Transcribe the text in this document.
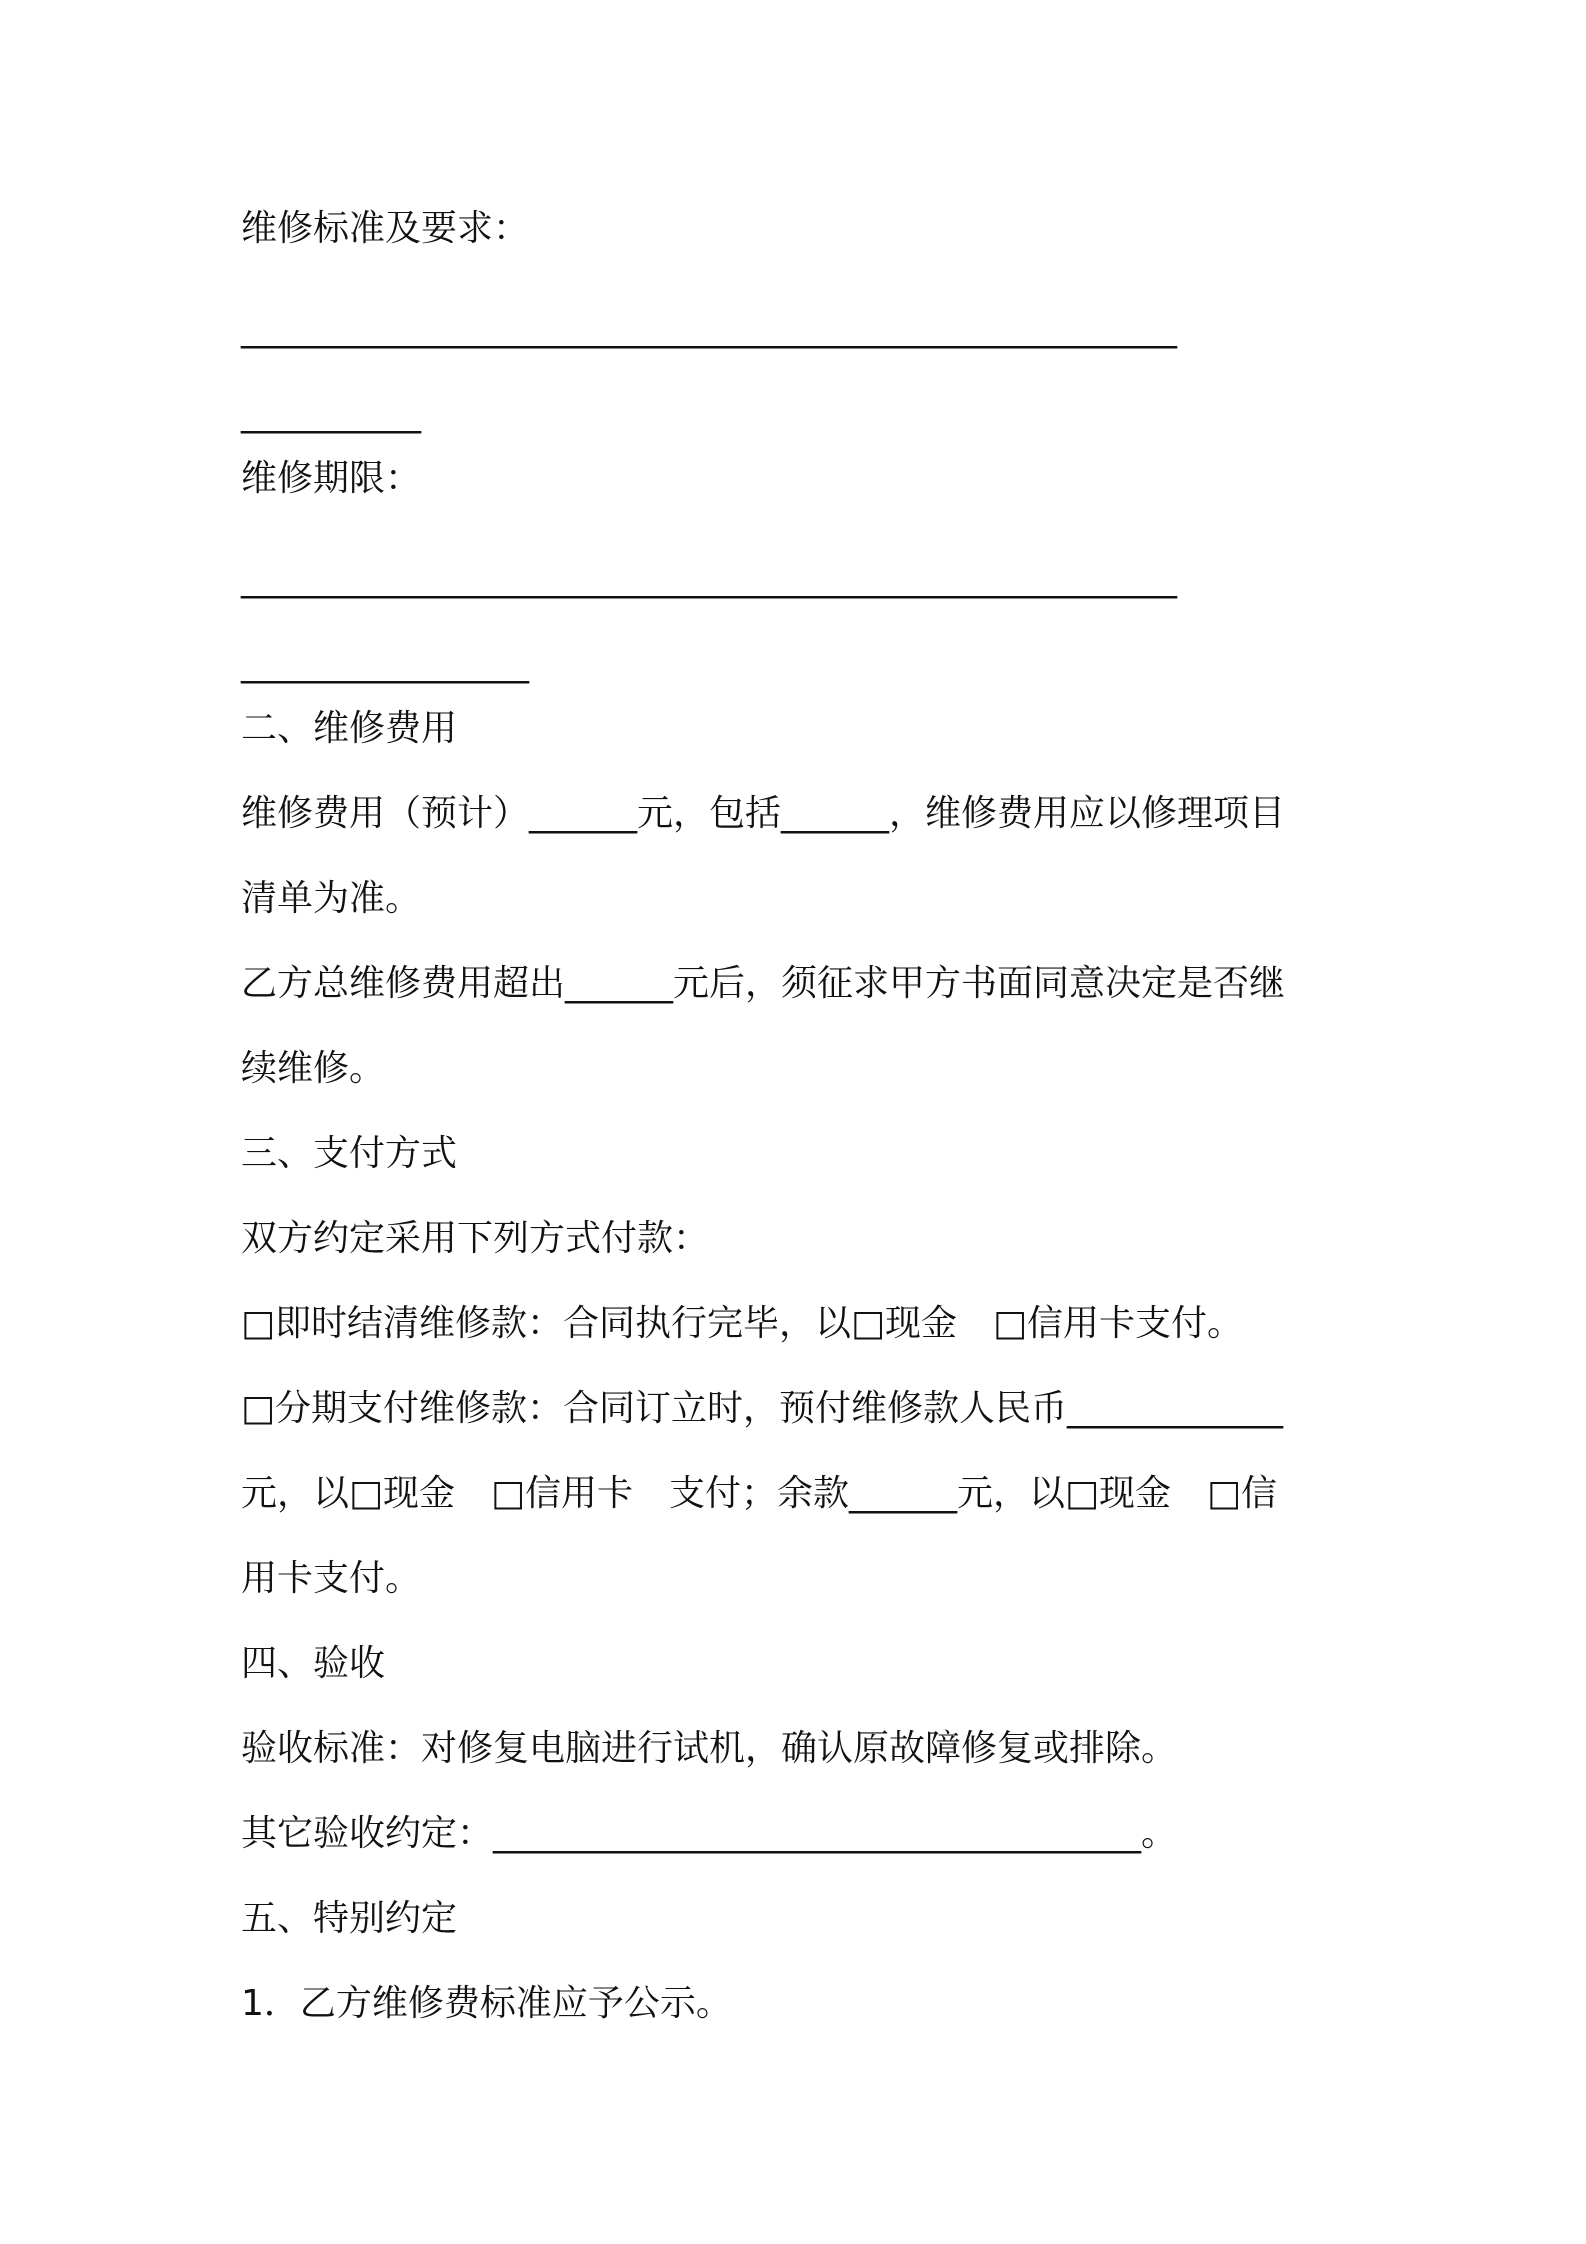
维修标准及要求：

____________________________________________________

__________

维修期限：

____________________________________________________

________________

二、维修费用

维修费用（预计）______元，包括______，维修费用应以修理项目

清单为准。

乙方总维修费用超出______元后，须征求甲方书面同意决定是否继

续维修。

三、支付方式

双方约定采用下列方式付款：

□即时结清维修款：合同执行完毕，以□现金　□信用卡支付。

□分期支付维修款：合同订立时，预付维修款人民币____________

元，以□现金　□信用卡　支付；余款______元，以□现金　□信

用卡支付。

四、验收

验收标准：对修复电脑进行试机，确认原故障修复或排除。

其它验收约定：____________________________________。

五、特别约定

1．乙方维修费标准应予公示。
